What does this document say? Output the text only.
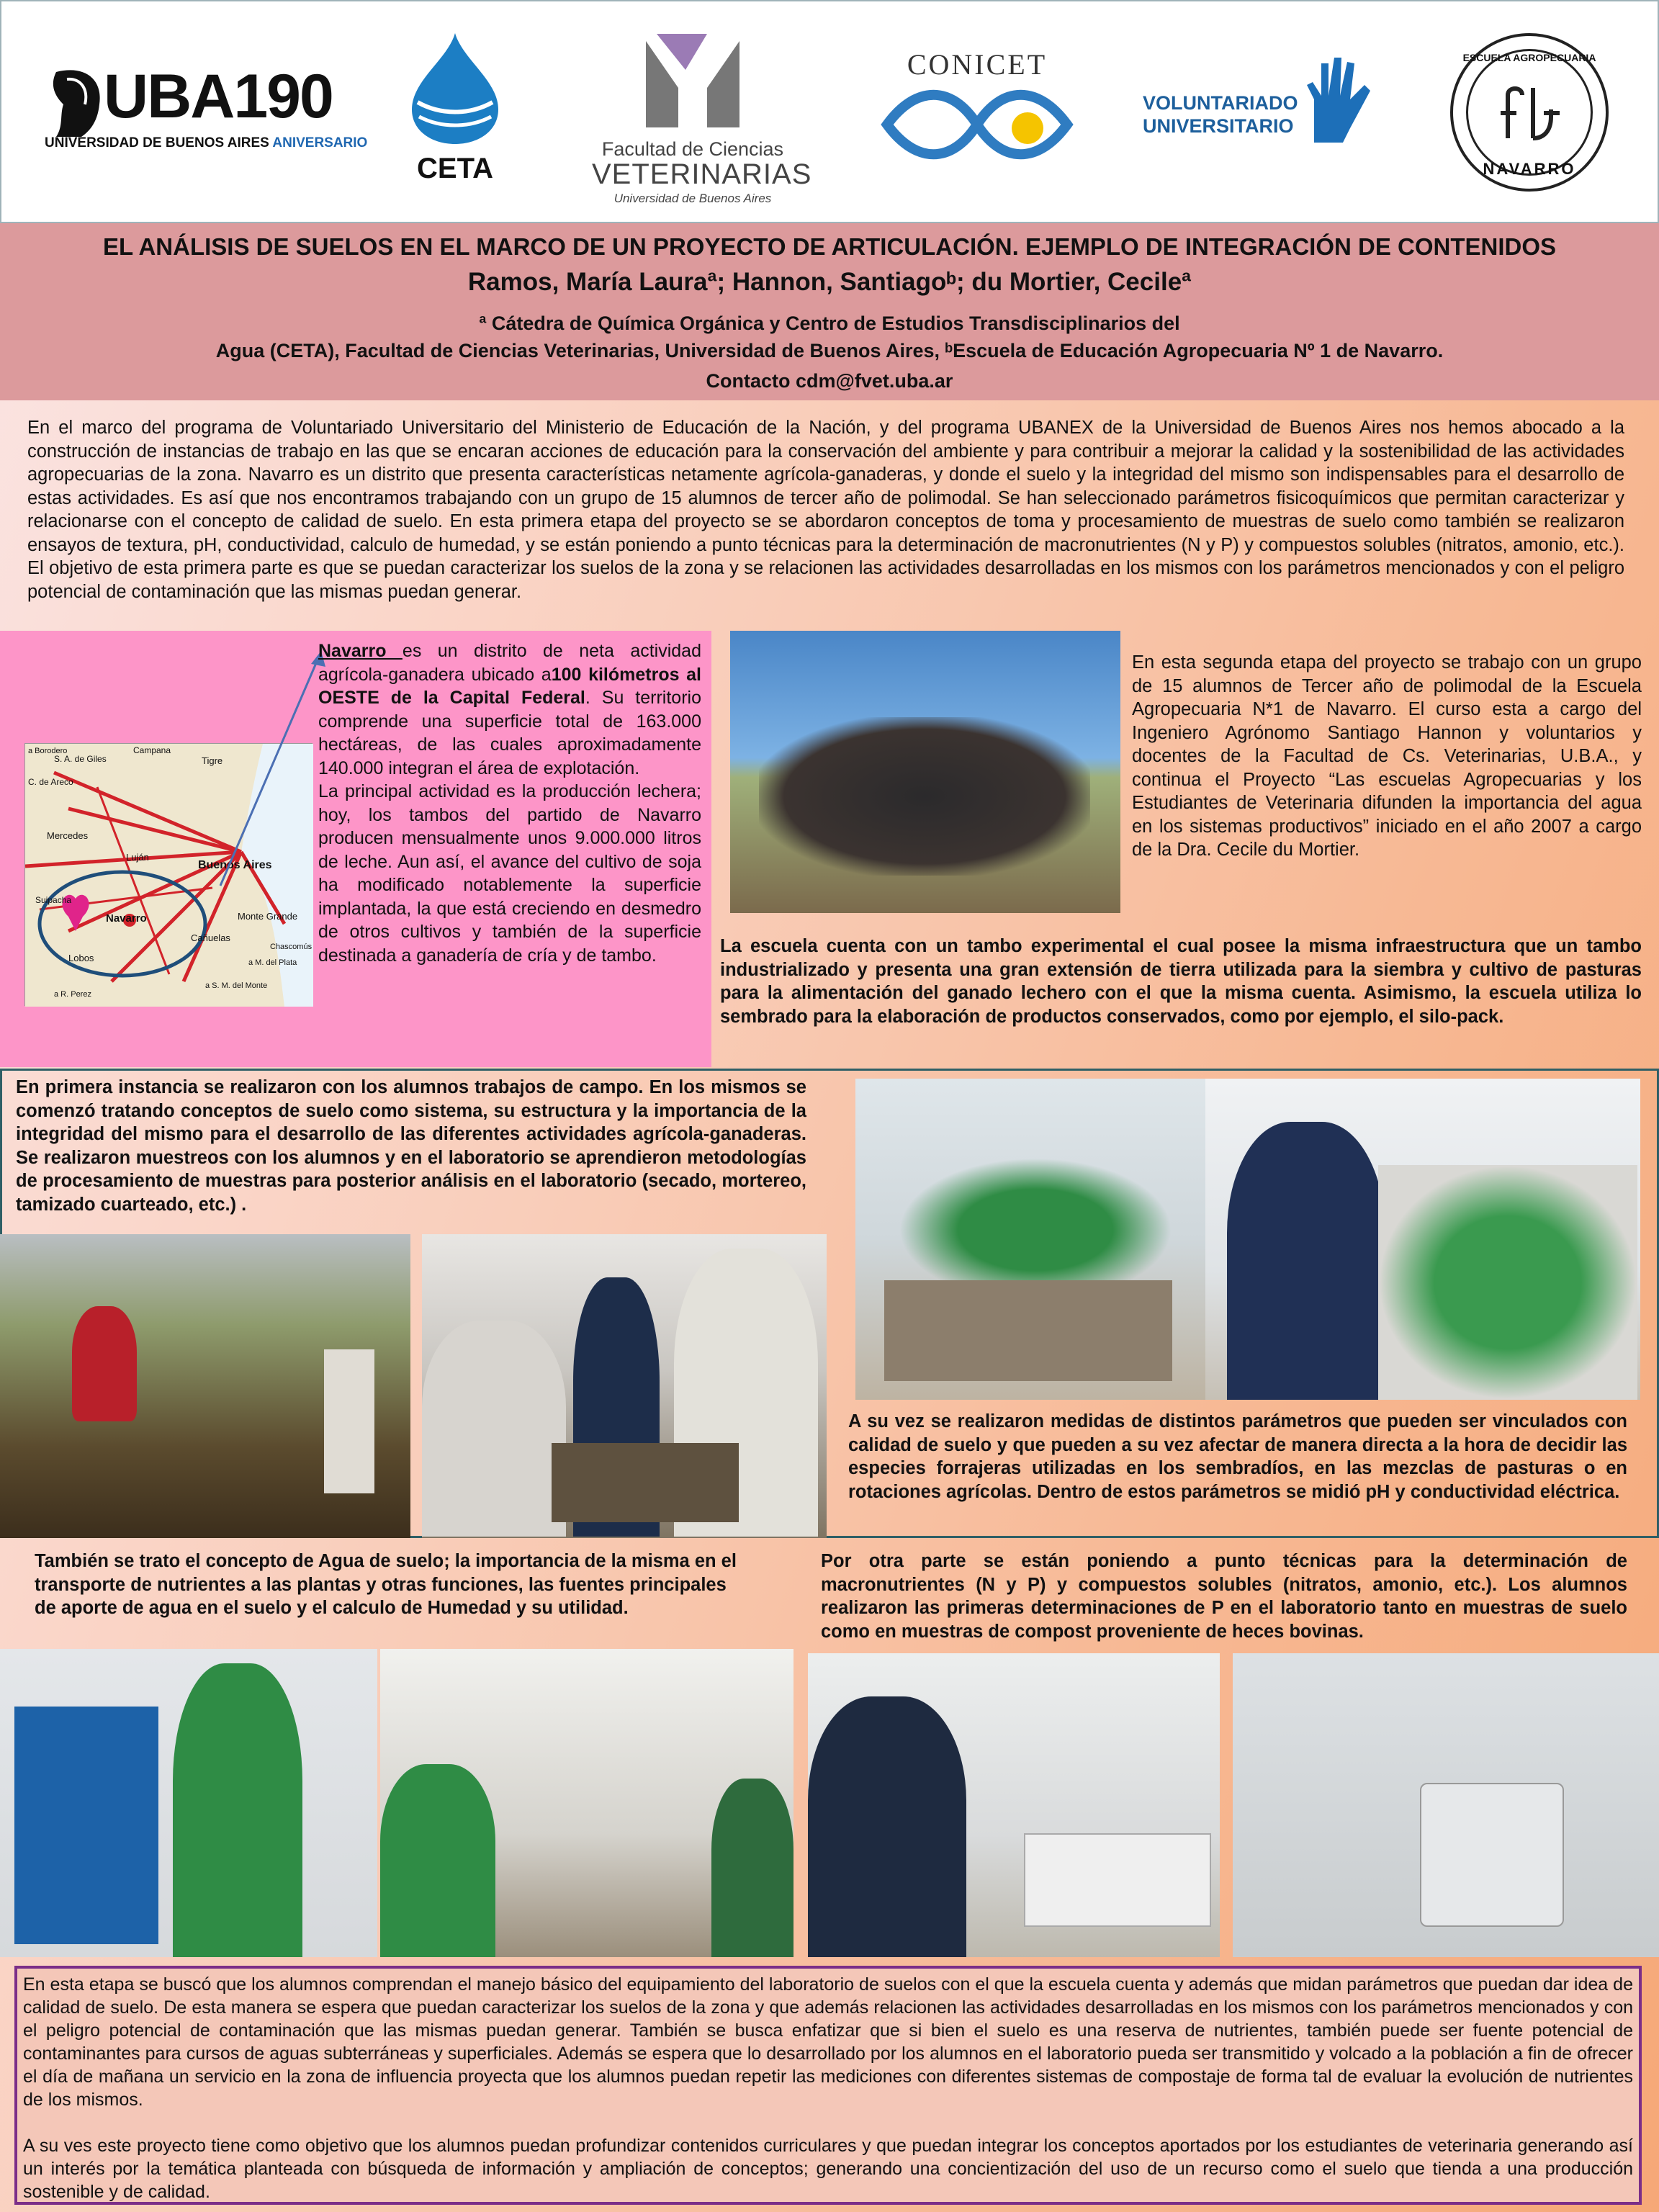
UBA190
UNIVERSIDAD DE BUENOS AIRES ANIVERSARIO
CETA
Facultad de Ciencias
VETERINARIAS
Universidad de Buenos Aires
CONICET
VOLUNTARIADO
UNIVERSITARIO
ESCUELA AGROPECUARIA
NAVARRO
EL ANÁLISIS DE SUELOS EN EL MARCO DE UN PROYECTO DE ARTICULACIÓN. EJEMPLO DE INTEGRACIÓN DE CONTENIDOS
Ramos, María Lauraª; Hannon, Santiagoᵇ; du Mortier, Cecileª
ª Cátedra de Química Orgánica y Centro de Estudios Transdisciplinarios del
Agua (CETA), Facultad de Ciencias Veterinarias, Universidad de Buenos Aires, ᵇEscuela de Educación Agropecuaria Nº 1 de Navarro.
Contacto cdm@fvet.uba.ar
En el marco del programa de Voluntariado Universitario del Ministerio de Educación de la Nación, y del programa UBANEX de la Universidad de Buenos Aires nos hemos abocado a la construcción de instancias de trabajo en las que se encaran acciones de educación para la conservación del ambiente y para contribuir a mejorar la calidad y la sostenibilidad de las actividades agropecuarias de la zona. Navarro es un distrito que presenta características netamente agrícola-ganaderas, y donde el suelo y la integridad del mismo son indispensables para el desarrollo de estas actividades. Es así que nos encontramos trabajando con un grupo de 15 alumnos de tercer año de polimodal. Se han seleccionado parámetros fisicoquímicos que permitan caracterizar y relacionarse con el concepto de calidad de suelo. En esta primera etapa del proyecto se se abordaron conceptos de toma y procesamiento de muestras de suelo como también se realizaron ensayos de textura, pH, conductividad, calculo de humedad, y se están poniendo a punto técnicas para la determinación de macronutrientes (N y P) y compuestos solubles (nitratos, amonio, etc.). El objetivo de esta primera parte es que se puedan caracterizar los suelos de la zona y se relacionen las actividades desarrolladas en los mismos con los parámetros mencionados y con el peligro potencial de contaminación que las mismas puedan generar.
Buenos Aires
Navarro
Tigre
Mercedes
Luján
Lobos
Cañuelas
Monte Grande
S. A. de Giles
C. de Areco
Suipacha
Campana
a Borodero
a R. Perez
a S. M. del Monte
a M. del Plata
Chascomús
Navarro es un distrito de neta actividad agrícola-ganadera ubicado a100 kilómetros al OESTE de la Capital Federal. Su territorio comprende una superficie total de 163.000 hectáreas, de las cuales aproximadamente 140.000 integran el área de explotación.
La principal actividad es la producción lechera; hoy, los tambos del partido de Navarro producen mensualmente unos 9.000.000 litros de leche. Aun así, el avance del cultivo de soja ha modificado notablemente la superficie implantada, la que está creciendo en desmedro de otros cultivos y también de la superficie destinada a ganadería de cría y de tambo.
En esta segunda etapa del proyecto se trabajo con un grupo de 15 alumnos de Tercer año de polimodal de la Escuela Agropecuaria N*1 de Navarro. El curso esta a cargo del Ingeniero Agrónomo Santiago Hannon y voluntarios y docentes de la Facultad de Cs. Veterinarias, U.B.A., y continua el Proyecto “Las escuelas Agropecuarias y los Estudiantes de Veterinaria difunden la importancia del agua en los sistemas productivos” iniciado en el año 2007 a cargo de la Dra. Cecile du Mortier.
La escuela cuenta con un tambo experimental el cual posee la misma infraestructura que un tambo industrializado y presenta una gran extensión de tierra utilizada para la siembra y cultivo de pasturas para la alimentación del ganado lechero con el que la misma cuenta. Asimismo, la escuela utiliza lo sembrado para la elaboración de productos conservados, como por ejemplo, el silo-pack.
En primera instancia se realizaron con los alumnos trabajos de campo. En los mismos se comenzó tratando conceptos de suelo como sistema, su estructura y la importancia de la integridad del mismo para el desarrollo de las diferentes actividades agrícola-ganaderas. Se realizaron muestreos con los alumnos y en el laboratorio se aprendieron metodologías de procesamiento de muestras para posterior análisis en el laboratorio (secado, mortereo, tamizado cuarteado, etc.) .
A su vez se realizaron medidas de distintos parámetros que pueden ser vinculados con calidad de suelo y que pueden a su vez afectar de manera directa a la hora de decidir las especies forrajeras utilizadas en los sembradíos, en las mezclas de pasturas o en rotaciones agrícolas. Dentro de estos parámetros se midió pH y conductividad eléctrica.
También se trato el concepto de Agua de suelo; la importancia de la misma en el transporte de nutrientes a las plantas y otras funciones, las fuentes principales de aporte de agua en el suelo y el calculo de Humedad y su utilidad.
Por otra parte se están poniendo a punto técnicas para la determinación de macronutrientes (N y P) y compuestos solubles (nitratos, amonio, etc.). Los alumnos realizaron las primeras determinaciones de P en el laboratorio tanto en muestras de suelo como en muestras de compost proveniente de heces bovinas.
En esta etapa se buscó que los alumnos comprendan el manejo básico del equipamiento del laboratorio de suelos con el que la escuela cuenta y además que midan parámetros que puedan dar idea de calidad de suelo. De esta manera se espera que puedan caracterizar los suelos de la zona y que además relacionen las actividades desarrolladas en los mismos con los parámetros mencionados y con el peligro potencial de contaminación que las mismas puedan generar. También se busca enfatizar que si bien el suelo es una reserva de nutrientes, también puede ser fuente potencial de contaminantes para cursos de aguas subterráneas y superficiales. Además se espera que lo desarrollado por los alumnos en el laboratorio pueda ser transmitido y volcado a la población a fin de ofrecer el día de mañana un servicio en la zona de influencia proyecta que los alumnos puedan repetir las mediciones con diferentes sistemas de compostaje de forma tal de evaluar la evolución de nutrientes de los mismos.
A su ves este proyecto tiene como objetivo que los alumnos puedan profundizar contenidos curriculares y que puedan integrar los conceptos aportados por los estudiantes de veterinaria generando así un interés por la temática planteada con búsqueda de información y ampliación de conceptos; generando una concientización del uso de un recurso como el suelo que tienda a una producción sostenible y de calidad.
